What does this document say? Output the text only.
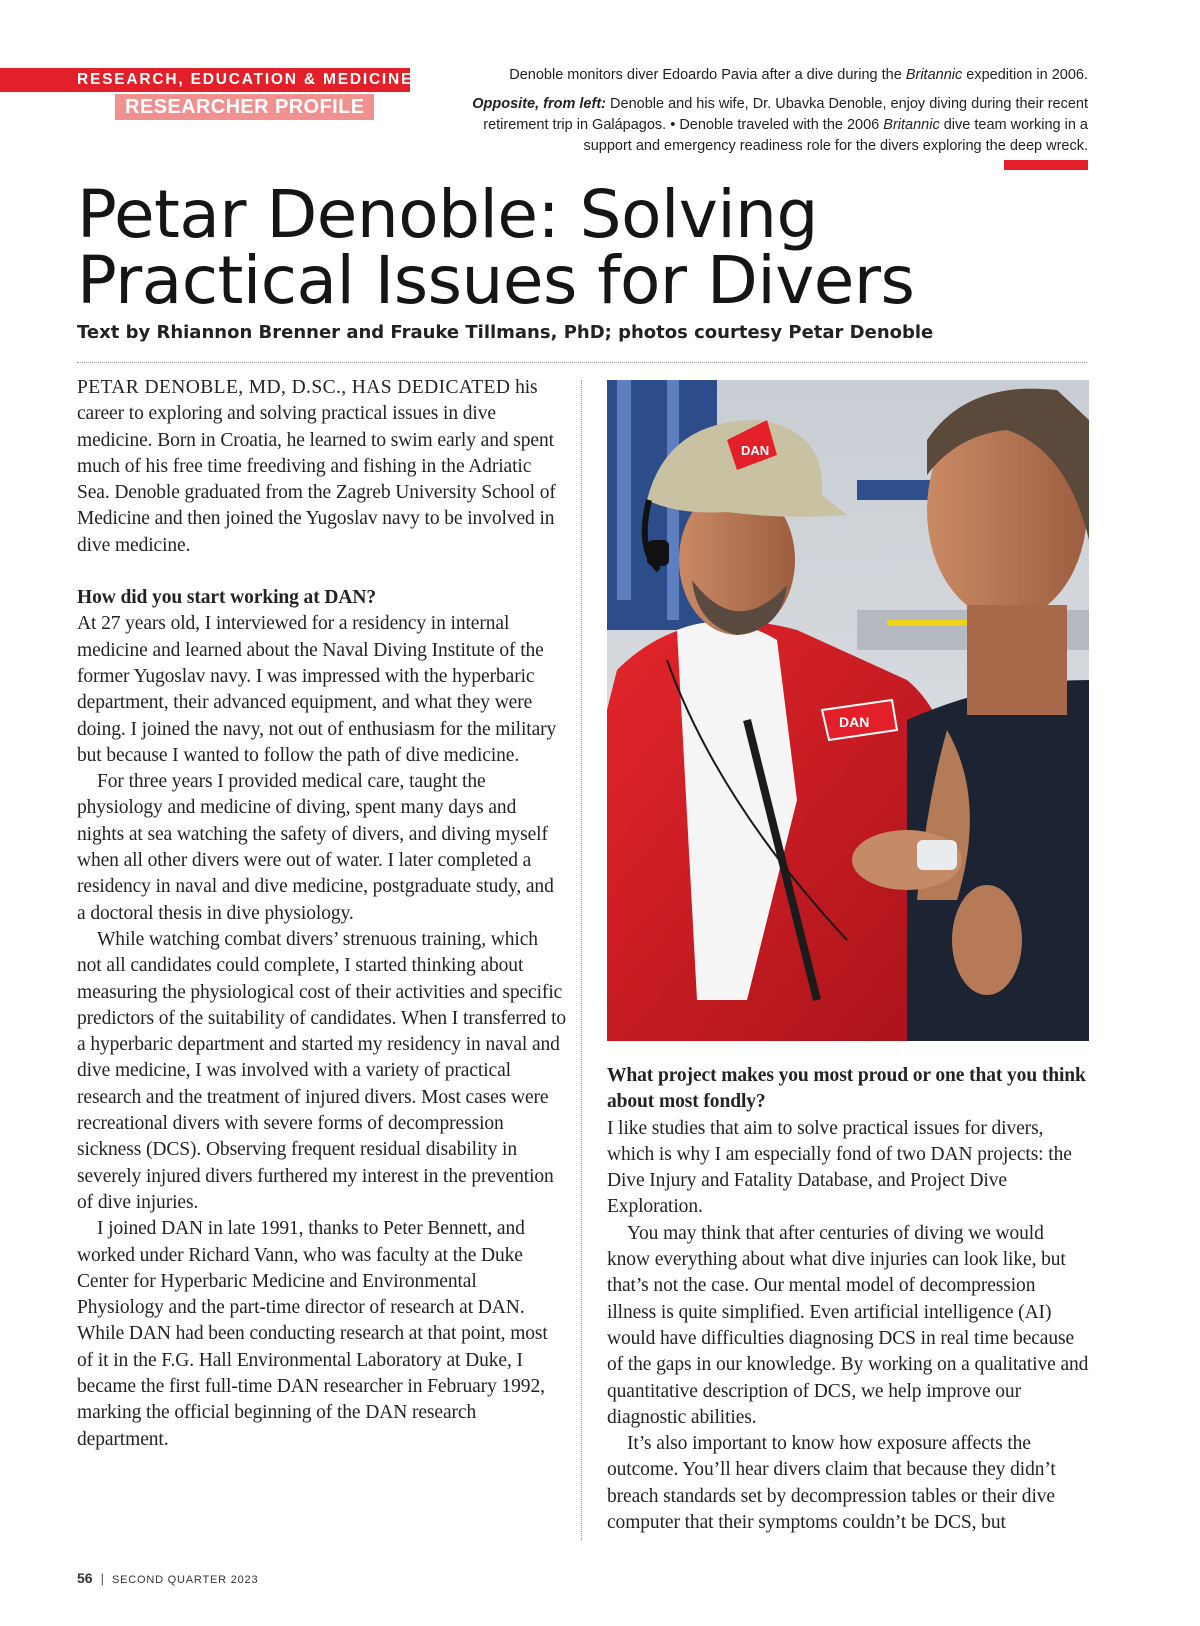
RESEARCH, EDUCATION & MEDICINE
RESEARCHER PROFILE
Denoble monitors diver Edoardo Pavia after a dive during the Britannic expedition in 2006.
Opposite, from left: Denoble and his wife, Dr. Ubavka Denoble, enjoy diving during their recent retirement trip in Galápagos. • Denoble traveled with the 2006 Britannic dive team working in a support and emergency readiness role for the divers exploring the deep wreck.
Petar Denoble: Solving
Practical Issues for Divers
Text by Rhiannon Brenner and Frauke Tillmans, PhD; photos courtesy Petar Denoble

PETAR DENOBLE, MD, D.SC., HAS DEDICATED his career to exploring and solving practical issues in dive medicine. Born in Croatia, he learned to swim early and spent much of his free time freediving and fishing in the Adriatic Sea. Denoble graduated from the Zagreb University School of Medicine and then joined the Yugoslav navy to be involved in dive medicine.

How did you start working at DAN?

At 27 years old, I interviewed for a residency in internal medicine and learned about the Naval Diving Institute of the former Yugoslav navy. I was impressed with the hyperbaric department, their advanced equipment, and what they were doing. I joined the navy, not out of enthusiasm for the military but because I wanted to follow the path of dive medicine.

For three years I provided medical care, taught the physiology and medicine of diving, spent many days and nights at sea watching the safety of divers, and diving myself when all other divers were out of water. I later completed a residency in naval and dive medicine, postgraduate study, and a doctoral thesis in dive physiology.

While watching combat divers’ strenuous training, which not all candidates could complete, I started thinking about measuring the physiological cost of their activities and specific predictors of the suitability of candidates. When I transferred to a hyperbaric department and started my residency in naval and dive medicine, I was involved with a variety of practical research and the treatment of injured divers. Most cases were recreational divers with severe forms of decompression sickness (DCS). Observing frequent residual disability in severely injured divers furthered my interest in the prevention of dive injuries.

I joined DAN in late 1991, thanks to Peter Bennett, and worked under Richard Vann, who was faculty at the Duke Center for Hyperbaric Medicine and Environmental Physiology and the part-time director of research at DAN. While DAN had been conducting research at that point, most of it in the F.G. Hall Environmental Laboratory at Duke, I became the first full-time DAN researcher in February 1992, marking the official beginning of the DAN research department.

DAN
DAN

What project makes you most proud or one that you think about most fondly?

I like studies that aim to solve practical issues for divers, which is why I am especially fond of two DAN projects: the Dive Injury and Fatality Database, and Project Dive Exploration.

You may think that after centuries of diving we would know everything about what dive injuries can look like, but that’s not the case. Our mental model of decompression illness is quite simplified. Even artificial intelligence (AI) would have difficulties diagnosing DCS in real time because of the gaps in our knowledge. By working on a qualitative and quantitative description of DCS, we help improve our diagnostic abilities.

It’s also important to know how exposure affects the outcome. You’ll hear divers claim that because they didn’t breach standards set by decompression tables or their dive computer that their symptoms couldn’t be DCS, but

56 | SECOND QUARTER 2023
